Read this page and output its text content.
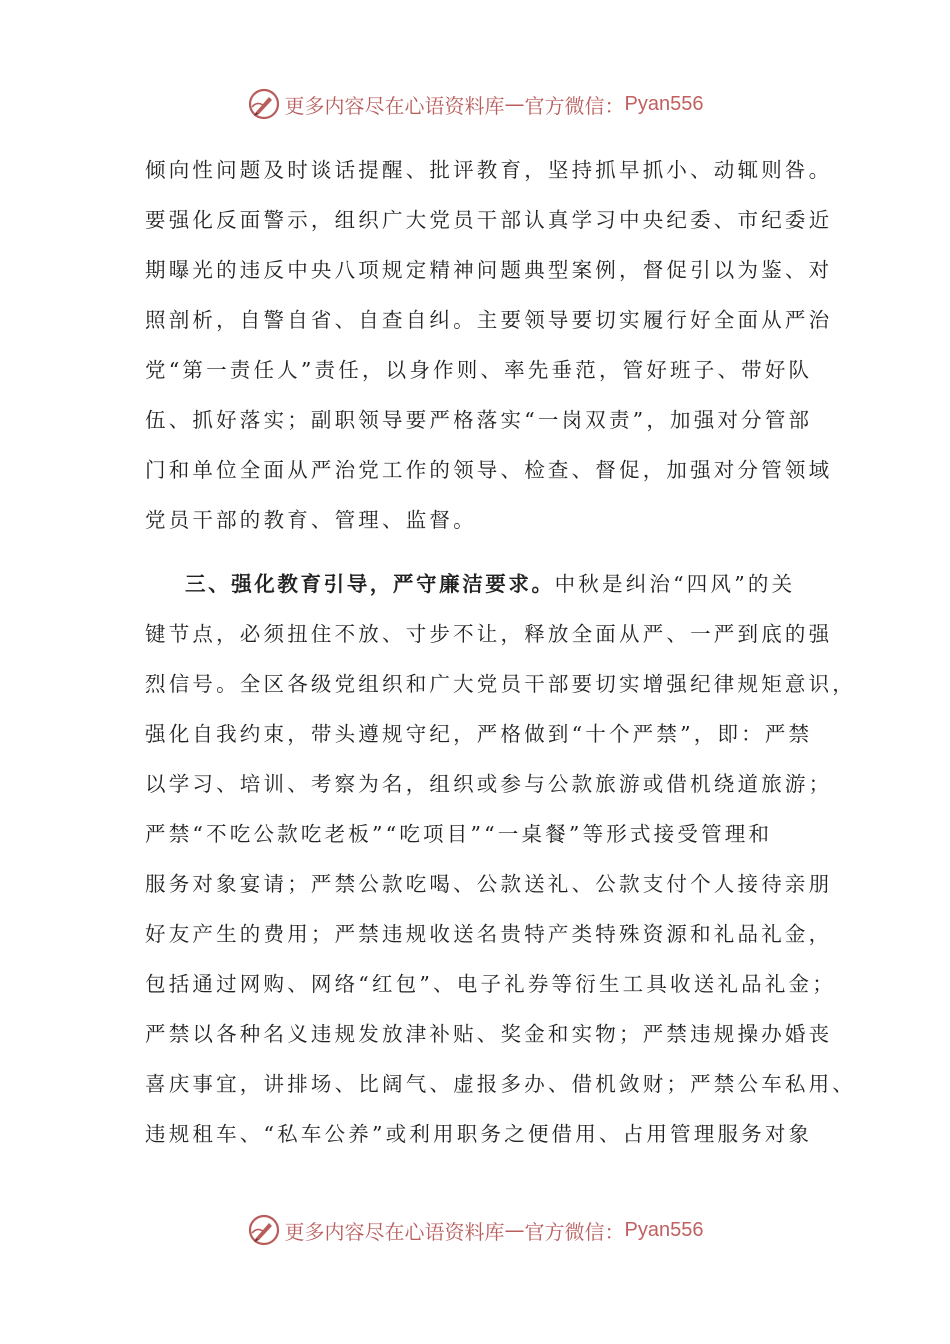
更多内容尽在心语资料库 — 官方微信： Pyan556
倾向性问题及时谈话提醒、批评教育，坚持抓早抓小、动辄则咎。
要强化反面警示，组织广大党员干部认真学习中央纪委、市纪委近
期曝光的违反中央八项规定精神问题典型案例，督促引以为鉴、对
照剖析，自警自省、自查自纠。主要领导要切实履行好全面从严治
党“第一责任人”责任，以身作则、率先垂范，管好班子、带好队
伍、抓好落实；副职领导要严格落实“一岗双责”，加强对分管部
门和单位全面从严治党工作的领导、检查、督促，加强对分管领域
党员干部的教育、管理、监督。
三、强化教育引导，严守廉洁要求。中秋是纠治“四风”的关
键节点，必须扭住不放、寸步不让，释放全面从严、一严到底的强
烈信号。全区各级党组织和广大党员干部要切实增强纪律规矩意识，
强化自我约束，带头遵规守纪，严格做到“十个严禁”，即：严禁
以学习、培训、考察为名，组织或参与公款旅游或借机绕道旅游；
严禁“不吃公款吃老板”“吃项目”“一桌餐”等形式接受管理和
服务对象宴请；严禁公款吃喝、公款送礼、公款支付个人接待亲朋
好友产生的费用；严禁违规收送名贵特产类特殊资源和礼品礼金，
包括通过网购、网络“红包”、电子礼券等衍生工具收送礼品礼金；
严禁以各种名义违规发放津补贴、奖金和实物；严禁违规操办婚丧
喜庆事宜，讲排场、比阔气、虚报多办、借机敛财；严禁公车私用、
违规租车、“私车公养”或利用职务之便借用、占用管理服务对象
更多内容尽在心语资料库 — 官方微信： Pyan556
